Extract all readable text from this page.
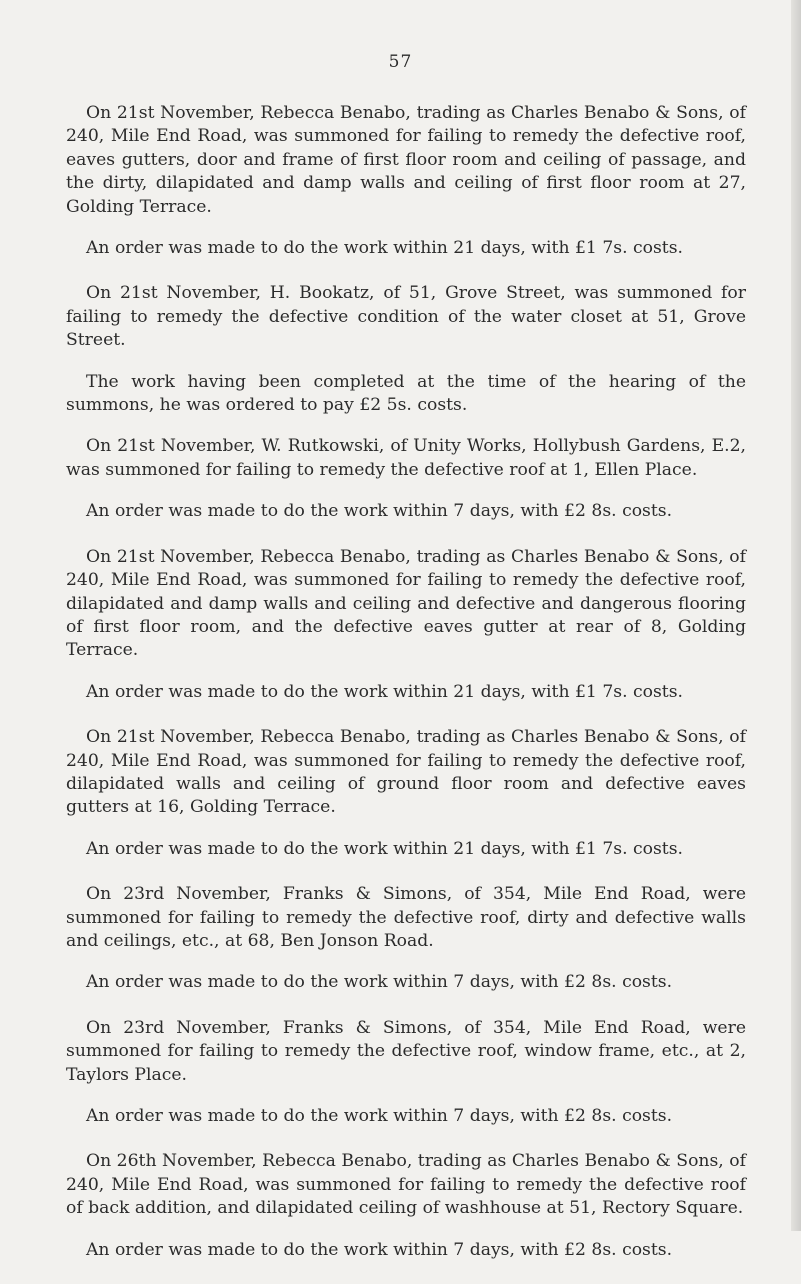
57

On 21st November, Rebecca Benabo, trading as Charles Benabo & Sons, of 240, Mile End Road, was summoned for failing to remedy the defective roof, eaves gutters, door and frame of first floor room and ceiling of passage, and the dirty, dilapidated and damp walls and ceiling of first floor room at 27, Golding Terrace.

An order was made to do the work within 21 days, with £1 7s. costs.

On 21st November, H. Bookatz, of 51, Grove Street, was summoned for failing to remedy the defective condition of the water closet at 51, Grove Street.

The work having been completed at the time of the hearing of the summons, he was ordered to pay £2 5s. costs.

On 21st November, W. Rutkowski, of Unity Works, Hollybush Gardens, E.2, was summoned for failing to remedy the defective roof at 1, Ellen Place.

An order was made to do the work within 7 days, with £2 8s. costs.

On 21st November, Rebecca Benabo, trading as Charles Benabo & Sons, of 240, Mile End Road, was summoned for failing to remedy the defective roof, dilapidated and damp walls and ceiling and defective and dangerous flooring of first floor room, and the defective eaves gutter at rear of 8, Golding Terrace.

An order was made to do the work within 21 days, with £1 7s. costs.

On 21st November, Rebecca Benabo, trading as Charles Benabo & Sons, of 240, Mile End Road, was summoned for failing to remedy the defective roof, dilapidated walls and ceiling of ground floor room and defective eaves gutters at 16, Golding Terrace.

An order was made to do the work within 21 days, with £1 7s. costs.

On 23rd November, Franks & Simons, of 354, Mile End Road, were summoned for failing to remedy the defective roof, dirty and defective walls and ceilings, etc., at 68, Ben Jonson Road.

An order was made to do the work within 7 days, with £2 8s. costs.

On 23rd November, Franks & Simons, of 354, Mile End Road, were summoned for failing to remedy the defective roof, window frame, etc., at 2, Taylors Place.

An order was made to do the work within 7 days, with £2 8s. costs.

On 26th November, Rebecca Benabo, trading as Charles Benabo & Sons, of 240, Mile End Road, was summoned for failing to remedy the defective roof of back addition, and dilapidated ceiling of washhouse at 51, Rectory Square.

An order was made to do the work within 7 days, with £2 8s. costs.
